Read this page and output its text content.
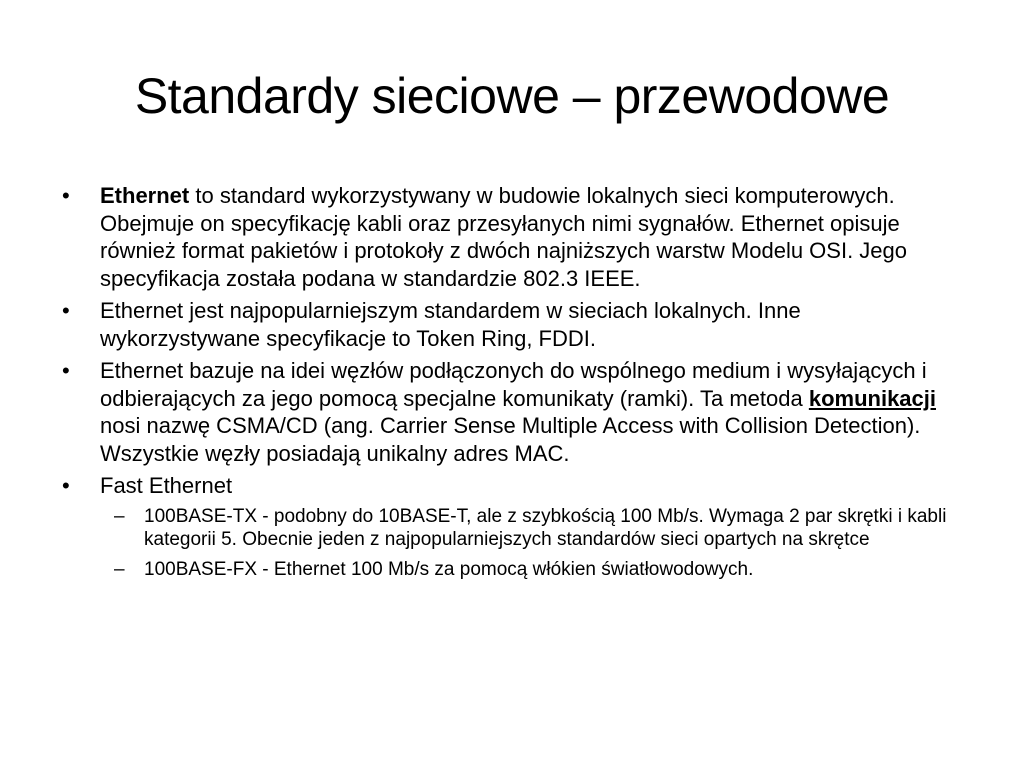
Standardy sieciowe – przewodowe
•	Ethernet to standard wykorzystywany w budowie lokalnych sieci komputerowych. Obejmuje on specyfikację kabli oraz przesyłanych nimi sygnałów. Ethernet opisuje również format pakietów i protokoły z dwóch najniższych warstw Modelu OSI. Jego specyfikacja została podana w standardzie 802.3 IEEE.
•	Ethernet jest najpopularniejszym standardem w sieciach lokalnych. Inne wykorzystywane specyfikacje to Token Ring, FDDI.
•	Ethernet bazuje na idei węzłów podłączonych do wspólnego medium i wysyłających i odbierających za jego pomocą specjalne komunikaty (ramki). Ta metoda komunikacji nosi nazwę CSMA/CD (ang. Carrier Sense Multiple Access with Collision Detection). Wszystkie węzły posiadają unikalny adres MAC.
•	Fast Ethernet
– 100BASE-TX - podobny do 10BASE-T, ale z szybkością 100 Mb/s. Wymaga 2 par skrętki i kabli kategorii 5. Obecnie jeden z najpopularniejszych standardów sieci opartych na skrętce
– 100BASE-FX - Ethernet 100 Mb/s za pomocą włókien światłowodowych.
